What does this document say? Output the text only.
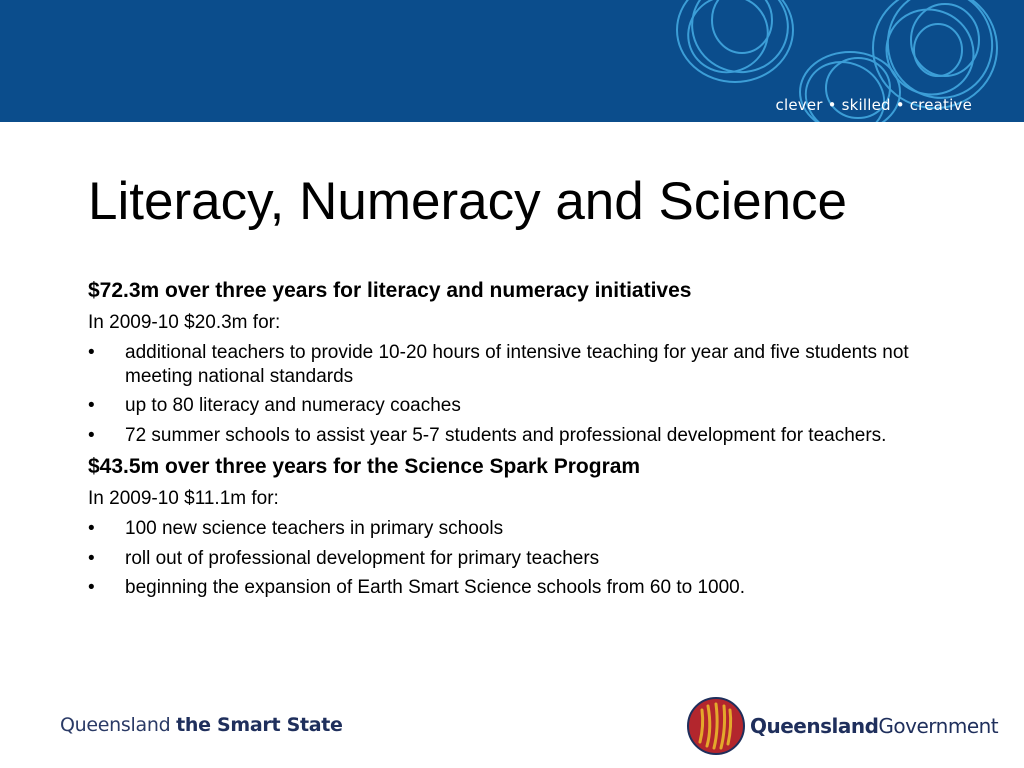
clever • skilled • creative
Literacy, Numeracy and Science

$72.3m over three years for literacy and numeracy initiatives

In 2009-10 $20.3m for:

• additional teachers to provide 10-20 hours of intensive teaching for year and five students not meeting national standards
• up to 80 literacy and numeracy coaches
• 72 summer schools to assist year 5-7 students and professional development for teachers.

$43.5m over three years for the Science Spark Program

In 2009-10 $11.1m for:

• 100 new science teachers in primary schools
• roll out of professional development for primary teachers
• beginning the expansion of Earth Smart Science schools from 60 to 1000.
Queensland the Smart State	QueenslandGovernment
